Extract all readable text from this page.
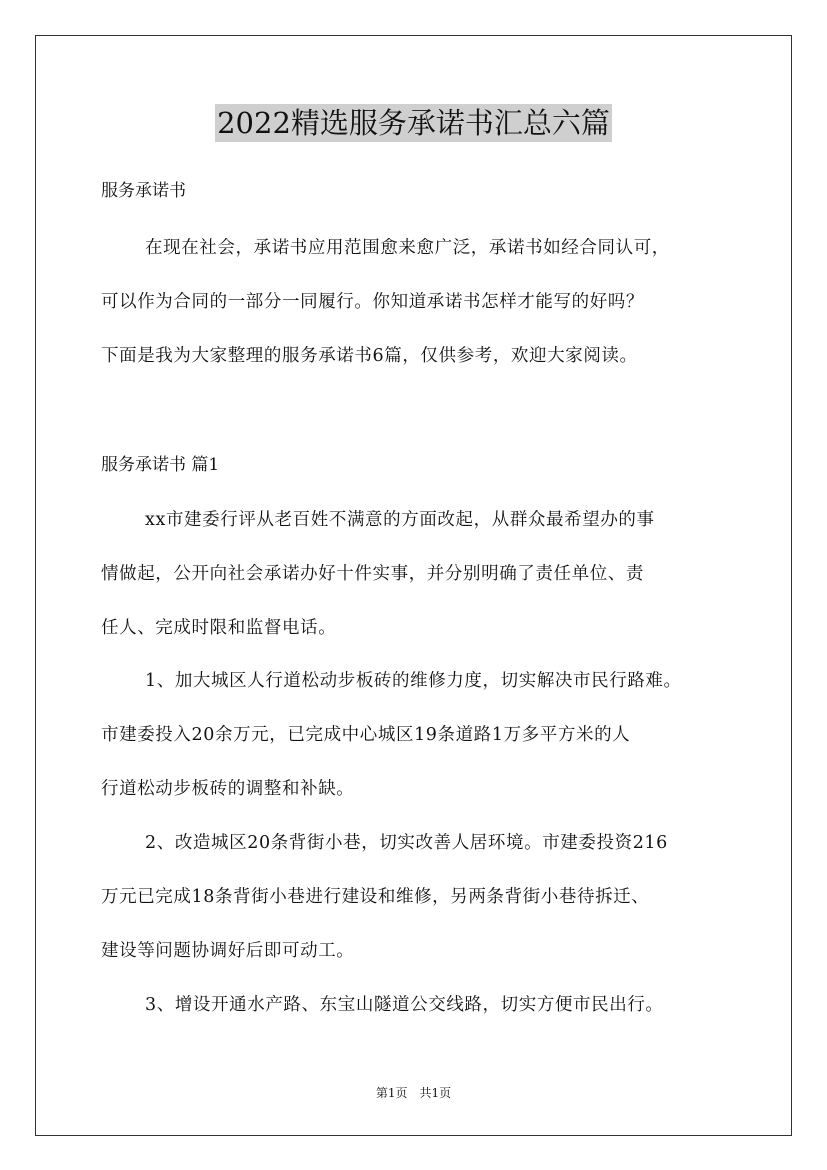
2022精选服务承诺书汇总六篇
服务承诺书
在现在社会，承诺书应用范围愈来愈广泛，承诺书如经合同认可，
可以作为合同的一部分一同履行。你知道承诺书怎样才能写的好吗？
下面是我为大家整理的服务承诺书6篇，仅供参考，欢迎大家阅读。
服务承诺书 篇1
xx市建委行评从老百姓不满意的方面改起，从群众最希望办的事
情做起，公开向社会承诺办好十件实事，并分别明确了责任单位、责
任人、完成时限和监督电话。
1、加大城区人行道松动步板砖的维修力度，切实解决市民行路难。
市建委投入20余万元，已完成中心城区19条道路1万多平方米的人
行道松动步板砖的调整和补缺。
2、改造城区20条背街小巷，切实改善人居环境。市建委投资216
万元已完成18条背街小巷进行建设和维修，另两条背街小巷待拆迁、
建设等问题协调好后即可动工。
3、增设开通水产路、东宝山隧道公交线路，切实方便市民出行。
第1页　共1页
